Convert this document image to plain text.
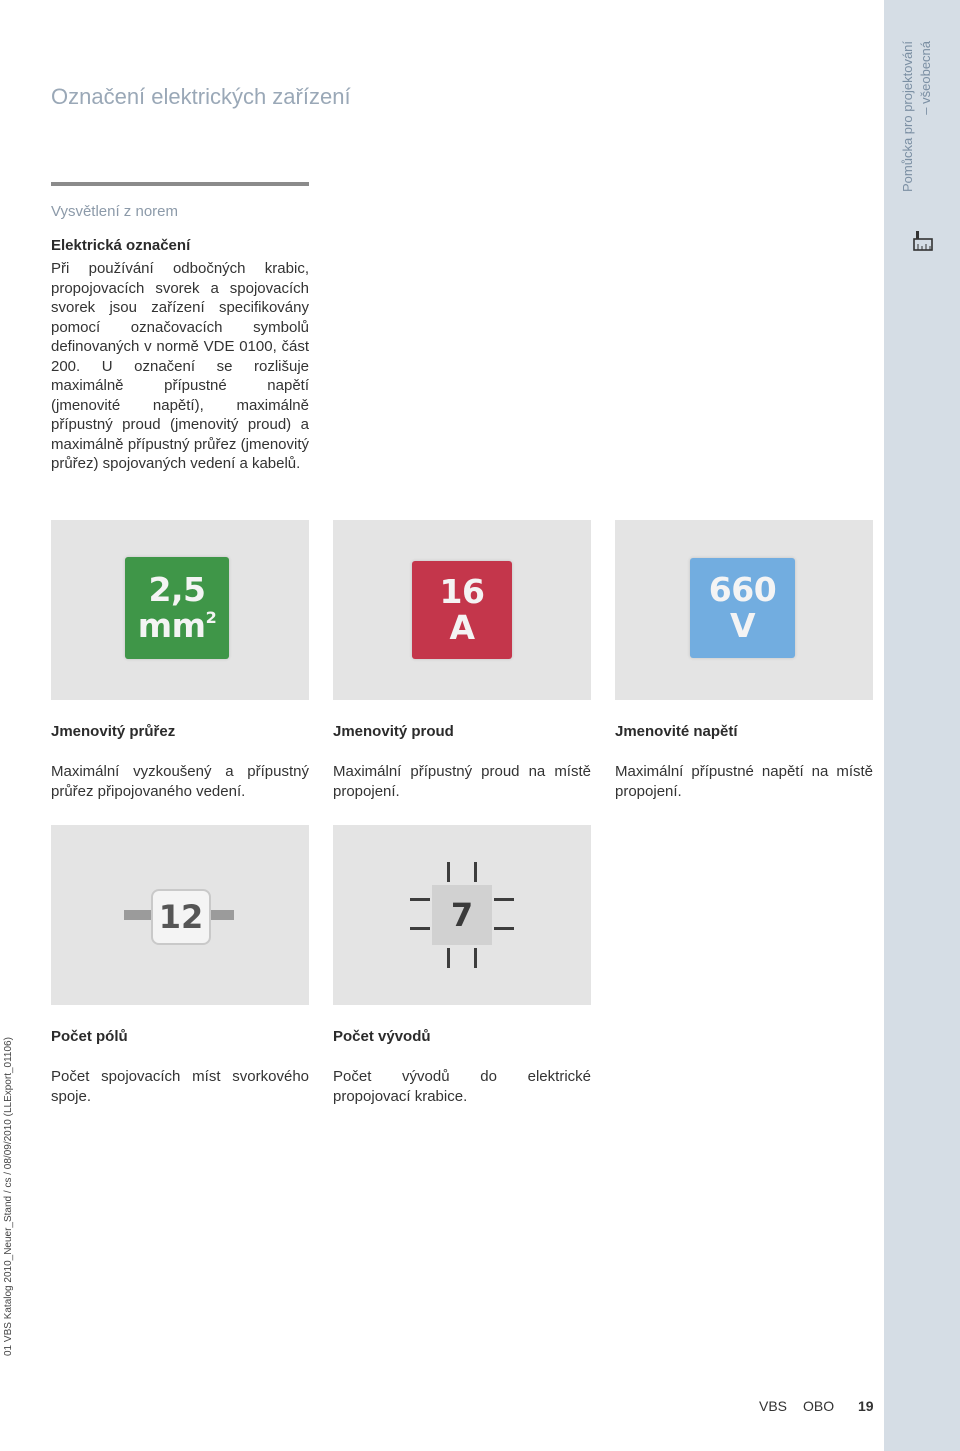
Pomůcka pro projektování – všeobecná
Označení elektrických zařízení
Vysvětlení z norem
Elektrická označení
Při používání odbočných krabic, propojovacích svorek a spojovacích svorek jsou zařízení specifikovány pomocí označovacích symbolů definovaných v normě VDE 0100, část 200. U označení se rozlišuje maximálně přípustné napětí (jmenovité napětí), maximálně přípustný proud (jmenovitý proud) a maximálně přípustný průřez (jmenovitý průřez) spojovaných vedení a kabelů.
2,5
$mm^2$
16
A
660
V
Jmenovitý průřez
Maximální vyzkoušený a přípustný průřez připojovaného vedení.
Jmenovitý proud
Maximální přípustný proud na místě propojení.
Jmenovité napětí
Maximální přípustné napětí na místě propojení.
12	7
Počet pólů
Počet spojovacích míst svorkového spoje.
Počet vývodů
Počet vývodů do elektrické propojovací krabice.
01 VBS Katalog 2010_Neuer_Stand / cs / 08/09/2010 (LLExport_01106)
VBS OBO 19
